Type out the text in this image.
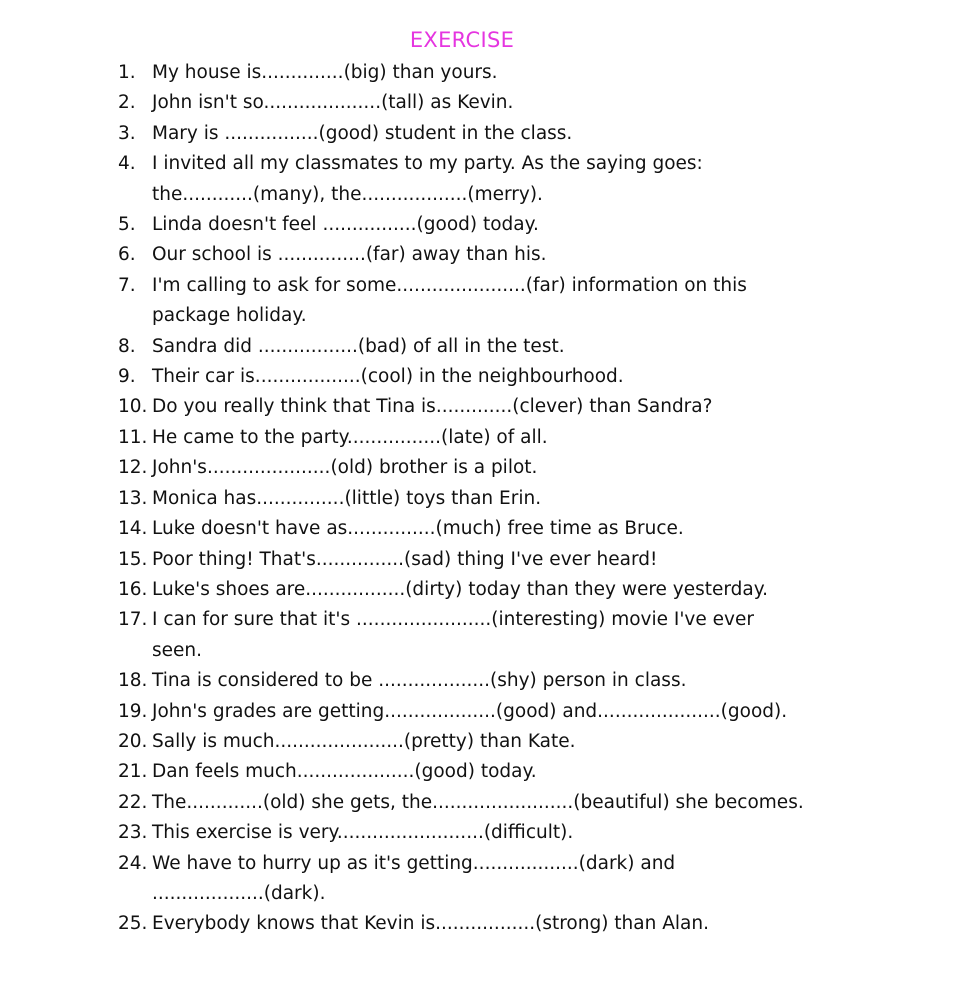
EXERCISE
1. My house is..............(big) than yours.
2. John isn't so....................(tall) as Kevin.
3. Mary is ................(good) student in the class.
4. I invited all my classmates to my party. As the saying goes:
the............(many), the..................(merry).
5. Linda doesn't feel ................(good) today.
6. Our school is ...............(far) away than his.
7. I'm calling to ask for some......................(far) information on this
package holiday.
8. Sandra did .................(bad) of all in the test.
9. Their car is..................(cool) in the neighbourhood.
10. Do you really think that Tina is.............(clever) than Sandra?
11. He came to the party................(late) of all.
12. John's.....................(old) brother is a pilot.
13. Monica has...............(little) toys than Erin.
14. Luke doesn't have as...............(much) free time as Bruce.
15. Poor thing! That's...............(sad) thing I've ever heard!
16. Luke's shoes are.................(dirty) today than they were yesterday.
17. I can for sure that it's .......................(interesting) movie I've ever
seen.
18. Tina is considered to be ...................(shy) person in class.
19. John's grades are getting...................(good) and.....................(good).
20. Sally is much......................(pretty) than Kate.
21. Dan feels much....................(good) today.
22. The.............(old) she gets, the........................(beautiful) she becomes.
23. This exercise is very.........................(difficult).
24. We have to hurry up as it's getting..................(dark) and
...................(dark).
25. Everybody knows that Kevin is.................(strong) than Alan.
